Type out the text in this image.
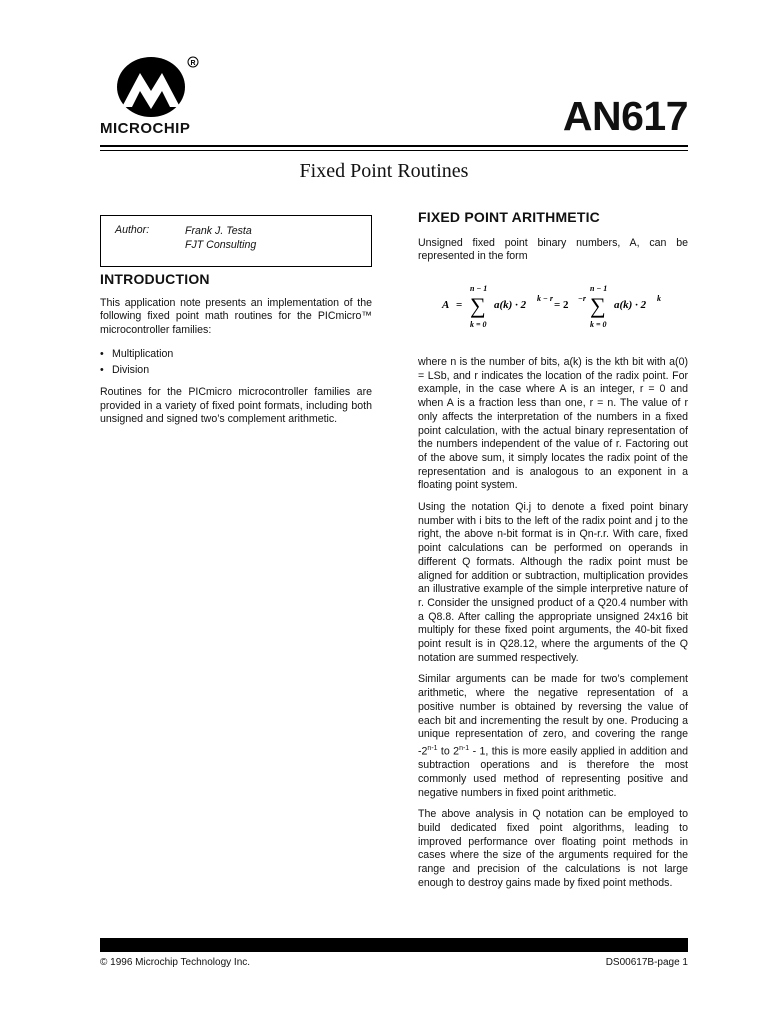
R
MICROCHIP	AN617
Fixed Point Routines
Author:	Frank J. Testa
FJT Consulting
INTRODUCTION

This application note presents an implementation of the following fixed point math routines for the PICmicro™ microcontroller families:

• Multiplication
• Division

Routines for the PICmicro microcontroller families are provided in a variety of fixed point formats, including both unsigned and signed two’s complement arithmetic.

FIXED POINT ARITHMETIC

Unsigned fixed point binary numbers, A, can be represented in the form

A =
n − 1
∑
k = 0
a(k) · 2
k − r
= 2
−r
n − 1
∑
k = 0
a(k) · 2
k

where n is the number of bits, a(k) is the kth bit with a(0) = LSb, and r indicates the location of the radix point. For example, in the case where A is an integer, r = 0 and when A is a fraction less than one, r = n. The value of r only affects the interpretation of the numbers in a fixed point calculation, with the actual binary representation of the numbers independent of the value of r. Factoring out of the above sum, it simply locates the radix point of the representation and is analogous to an exponent in a floating point system.

Using the notation Qi.j to denote a fixed point binary number with i bits to the left of the radix point and j to the right, the above n-bit format is in Qn-r.r. With care, fixed point calculations can be performed on operands in different Q formats. Although the radix point must be aligned for addition or subtraction, multiplication provides an illustrative example of the simple interpretive nature of r. Consider the unsigned product of a Q20.4 number with a Q8.8. After calling the appropriate unsigned 24x16 bit multiply for these fixed point arguments, the 40-bit fixed point result is in Q28.12, where the arguments of the Q notation are summed respectively.

Similar arguments can be made for two’s complement arithmetic, where the negative representation of a positive number is obtained by reversing the value of each bit and incrementing the result by one. Producing a unique representation of zero, and covering the range -2$^{n-1}$ to 2$^{n-1}$ - 1, this is more easily applied in addition and subtraction operations and is therefore the most commonly used method of representing positive and negative numbers in fixed point arithmetic.

The above analysis in Q notation can be employed to build dedicated fixed point algorithms, leading to improved performance over floating point methods in cases where the size of the arguments required for the range and precision of the calculations is not large enough to destroy gains made by fixed point methods.

© 1996 Microchip Technology Inc.	DS00617B-page 1
